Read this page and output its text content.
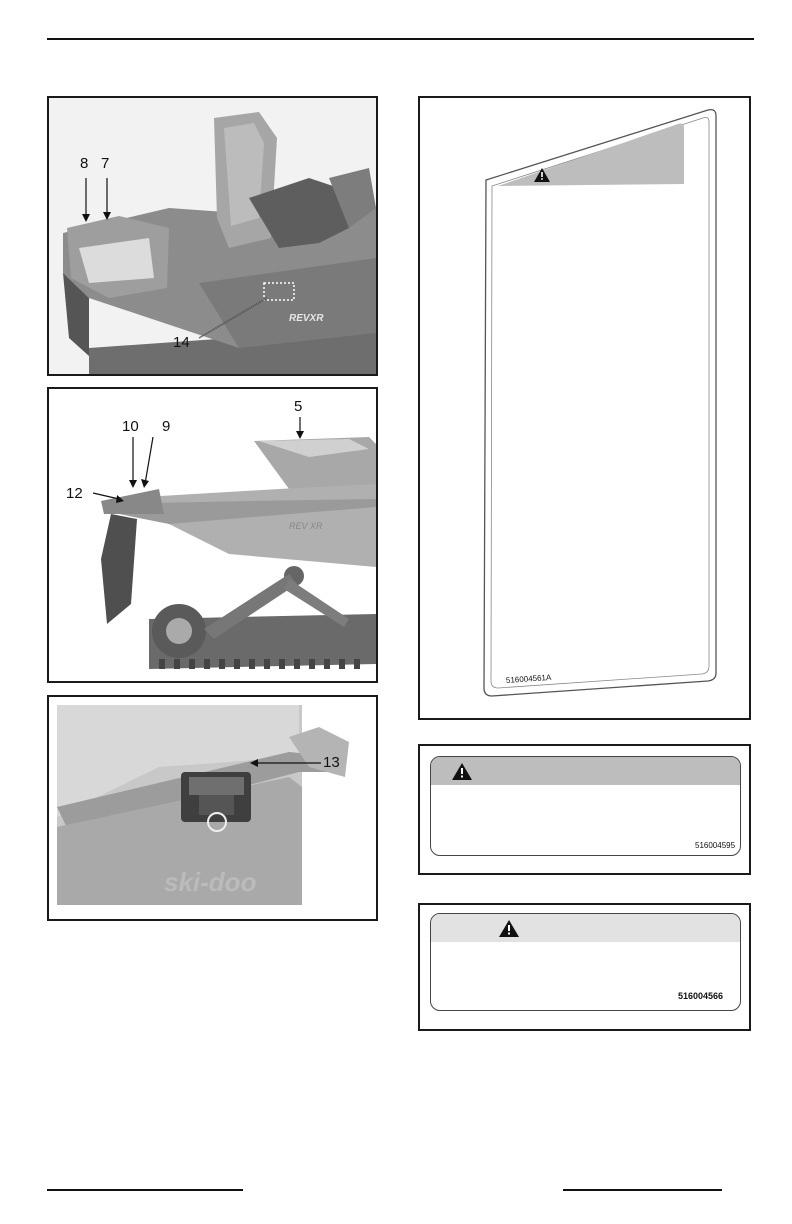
8 7
14
REVXR
10 9
5
12
REV XR
13
ski-doo
516004561A
516004595
516004566
